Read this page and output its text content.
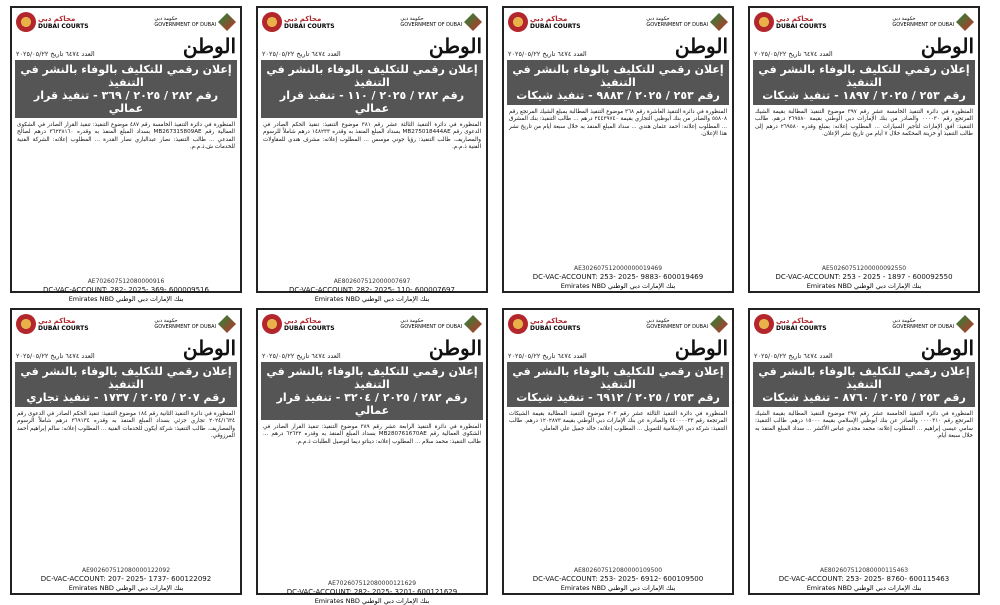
محاكم دبي
DUBAI COURTS
حكومة دبي
GOVERNMENT OF DUBAI
العدد ٦٤٧٤ تاريخ ٢٠٢٥/٠٥/٢٢	الوطن
إعلان رقمي للتكليف بالوفاء بالنشر في التنفيذ
رقم ٢٥٣ / ٢٠٢٥ / ١٨٩٧ - تنفيذ شيكات
المنظورة في دائرة التنفيذ الخامسة عشر رقم ٣٩٧ موضوع التنفيذ المطالبة بقيمة الشيك المرتجع رقم ٠٠٠٠٣٠ والصادر من بنك الإمارات دبي الوطني بقيمة ٢٦٩٥٨٠ درهم. طالب التنفيذ: أفق الإمارات لتأجير السيارات ... المطلوب إعلانه: بمبلغ وقدره ٢٦٩٥٨٠ درهم إلى طالب التنفيذ أو خزينة المحكمة خلال ٧ أيام من تاريخ نشر الإعلان.
AE50260751200000092550
DC-VAC-ACCOUNT: 253 - 2025 - 1897 - 600092550
بنك الإمارات دبي الوطني Emirates NBD
محاكم دبي
DUBAI COURTS
حكومة دبي
GOVERNMENT OF DUBAI
العدد ٦٤٧٤ تاريخ ٢٠٢٥/٠٥/٢٢	الوطن
إعلان رقمي للتكليف بالوفاء بالنشر في التنفيذ
رقم ٢٥٣ / ٢٠٢٥ / ٩٨٨٣ - تنفيذ شيكات
المنظورة في دائرة التنفيذ العاشرة رقم ٣٦٨ موضوع التنفيذ المطالبة بمبلغ الشيك المرتجع رقم ٥٥٨٠٨ والصادر من بنك أبوظبي التجاري بقيمة ٢٤٤٣٩٧٤٠ درهم ... طالب التنفيذ: بنك المشرق ... المطلوب إعلانه: أحمد عثمان هندي ... سداد المبلغ المنفذ به خلال سبعة أيام من تاريخ نشر هذا الإعلان.
AE302607512000000019469
DC-VAC-ACCOUNT: 253- 2025- 9883- 600019469
بنك الإمارات دبي الوطني Emirates NBD
محاكم دبي
DUBAI COURTS
حكومة دبي
GOVERNMENT OF DUBAI
العدد ٦٤٧٤ تاريخ ٢٠٢٥/٠٥/٢٢	الوطن
إعلان رقمي للتكليف بالوفاء بالنشر في التنفيذ
رقم ٢٨٢ / ٢٠٢٥ / ١١٠ - تنفيذ قرار عمالي
المنظورة في دائرة التنفيذ الثالثة عشر رقم ٣٨١ موضوع التنفيذ: تنفيذ الحكم الصادر في الدعوى رقم MB275018444AE بسداد المبلغ المنفذ به وقدره ١٤٨٢٣٣ درهم شاملاً للرسوم والمصاريف. طالب التنفيذ: رؤيا جوني موسس ... المطلوب إعلانه: مشرف هندي للمقاولات الفنية ذ.م.م.
AE802607512000007697
DC-VAC-ACCOUNT: 282- 2025- 110- 600007697
بنك الإمارات دبي الوطني Emirates NBD
محاكم دبي
DUBAI COURTS
حكومة دبي
GOVERNMENT OF DUBAI
العدد ٦٤٧٤ تاريخ ٢٠٢٥/٠٥/٢٢	الوطن
إعلان رقمي للتكليف بالوفاء بالنشر في التنفيذ
رقم ٢٨٢ / ٢٠٢٥ / ٣٦٩ - تنفيذ قرار عمالي
المنظورة في دائرة التنفيذ الخامسة رقم ٤٨٧ موضوع التنفيذ: تنفيذ القرار الصادر في الشكوى العمالية رقم MB267315809AE بسداد المبلغ المنفذ به وقدره ٣٦٢٣٨١٦٠ درهم لصالح المدعي ... طالب التنفيذ: نصار عبدالباري نصار القدرة ... المطلوب إعلانه: الشركة الفنية للخدمات ش.ذ.م.م.
AE702607512080000916
DC-VAC-ACCOUNT: 282- 2025- 369- 600009516
بنك الإمارات دبي الوطني Emirates NBD
محاكم دبي
DUBAI COURTS
حكومة دبي
GOVERNMENT OF DUBAI
العدد ٦٤٧٤ تاريخ ٢٠٢٥/٠٥/٢٢	الوطن
إعلان رقمي للتكليف بالوفاء بالنشر في التنفيذ
رقم ٢٥٣ / ٢٠٢٥ / ٨٧٦٠ - تنفيذ شيكات
المنظورة في دائرة التنفيذ الخامسة عشر رقم ٣٩٧ موضوع التنفيذ المطالبة بقيمة الشيك المرتجع رقم ٠٠٠٠٣١٠ والصادر عن بنك أبوظبي الإسلامي بقيمة ١٥٠٠٠ درهم. طالب التنفيذ: سامي عيسى إبراهيم ... المطلوب إعلانه: محمد مجدي عباس الأكشر ... سداد المبلغ المنفذ به خلال سبعة أيام.
AE802607512080000115463
DC-VAC-ACCOUNT: 253- 2025- 8760- 600115463
بنك الإمارات دبي الوطني Emirates NBD
محاكم دبي
DUBAI COURTS
حكومة دبي
GOVERNMENT OF DUBAI
العدد ٦٤٧٤ تاريخ ٢٠٢٥/٠٥/٢٢	الوطن
إعلان رقمي للتكليف بالوفاء بالنشر في التنفيذ
رقم ٢٥٣ / ٢٠٢٥ / ٦٩١٢ - تنفيذ شيكات
المنظورة في دائرة التنفيذ الثالثة عشر رقم ٣٠٣ موضوع التنفيذ المطالبة بقيمة الشيكات المرتجعة رقم ٤٤٠٠٠٠٣٣ والصادرة عن بنك الإمارات دبي الوطني بقيمة ١٢٠٢٨٧٣ درهم. طالب التنفيذ: شركة دبي الإسلامية للتمويل ... المطلوب إعلانه: خالد جميل علي العاملي.
AE802607512080000109500
DC-VAC-ACCOUNT: 253- 2025- 6912- 600109500
بنك الإمارات دبي الوطني Emirates NBD
محاكم دبي
DUBAI COURTS
حكومة دبي
GOVERNMENT OF DUBAI
العدد ٦٤٧٤ تاريخ ٢٠٢٥/٠٥/٢٢	الوطن
إعلان رقمي للتكليف بالوفاء بالنشر في التنفيذ
رقم ٢٨٢ / ٢٠٢٥ / ٣٢٠٤ - تنفيذ قرار عمالي
المنظورة في دائرة التنفيذ الرابعة عشر رقم ٣٨٩ موضوع التنفيذ: تنفيذ القرار الصادر في الشكوى العمالية رقم MB280761670AE بسداد المبلغ المنفذ به وقدره ٦٢٦٣٢ درهم ... طالب التنفيذ: محمد سلام ... المطلوب إعلانه: ديناتو ديما لتوصيل الطلبات ذ.م.م.
AE702607512080000121629
DC-VAC-ACCOUNT: 282- 2025- 3201- 600121629
بنك الإمارات دبي الوطني Emirates NBD
محاكم دبي
DUBAI COURTS
حكومة دبي
GOVERNMENT OF DUBAI
العدد ٦٤٧٤ تاريخ ٢٠٢٥/٠٥/٢٢	الوطن
إعلان رقمي للتكليف بالوفاء بالنشر في التنفيذ
رقم ٢٠٧ / ٢٠٢٥ / ١٧٣٧ - تنفيذ تجاري
المنظورة في دائرة التنفيذ الثانية رقم ١٨٤ موضوع التنفيذ: تنفيذ الحكم الصادر في الدعوى رقم ٢٠٢٤/١٦٣٤ تجاري جزئي بسداد المبلغ المنفذ به وقدره ٣٦٩١٣٤ درهم شاملاً الرسوم والمصاريف. طالب التنفيذ: شركة أيكون للخدمات الفنية ... المطلوب إعلانه: سالم إبراهيم أحمد المرزوقي.
AE902607512080000122092
DC-VAC-ACCOUNT: 207- 2025- 1737- 600122092
بنك الإمارات دبي الوطني Emirates NBD
